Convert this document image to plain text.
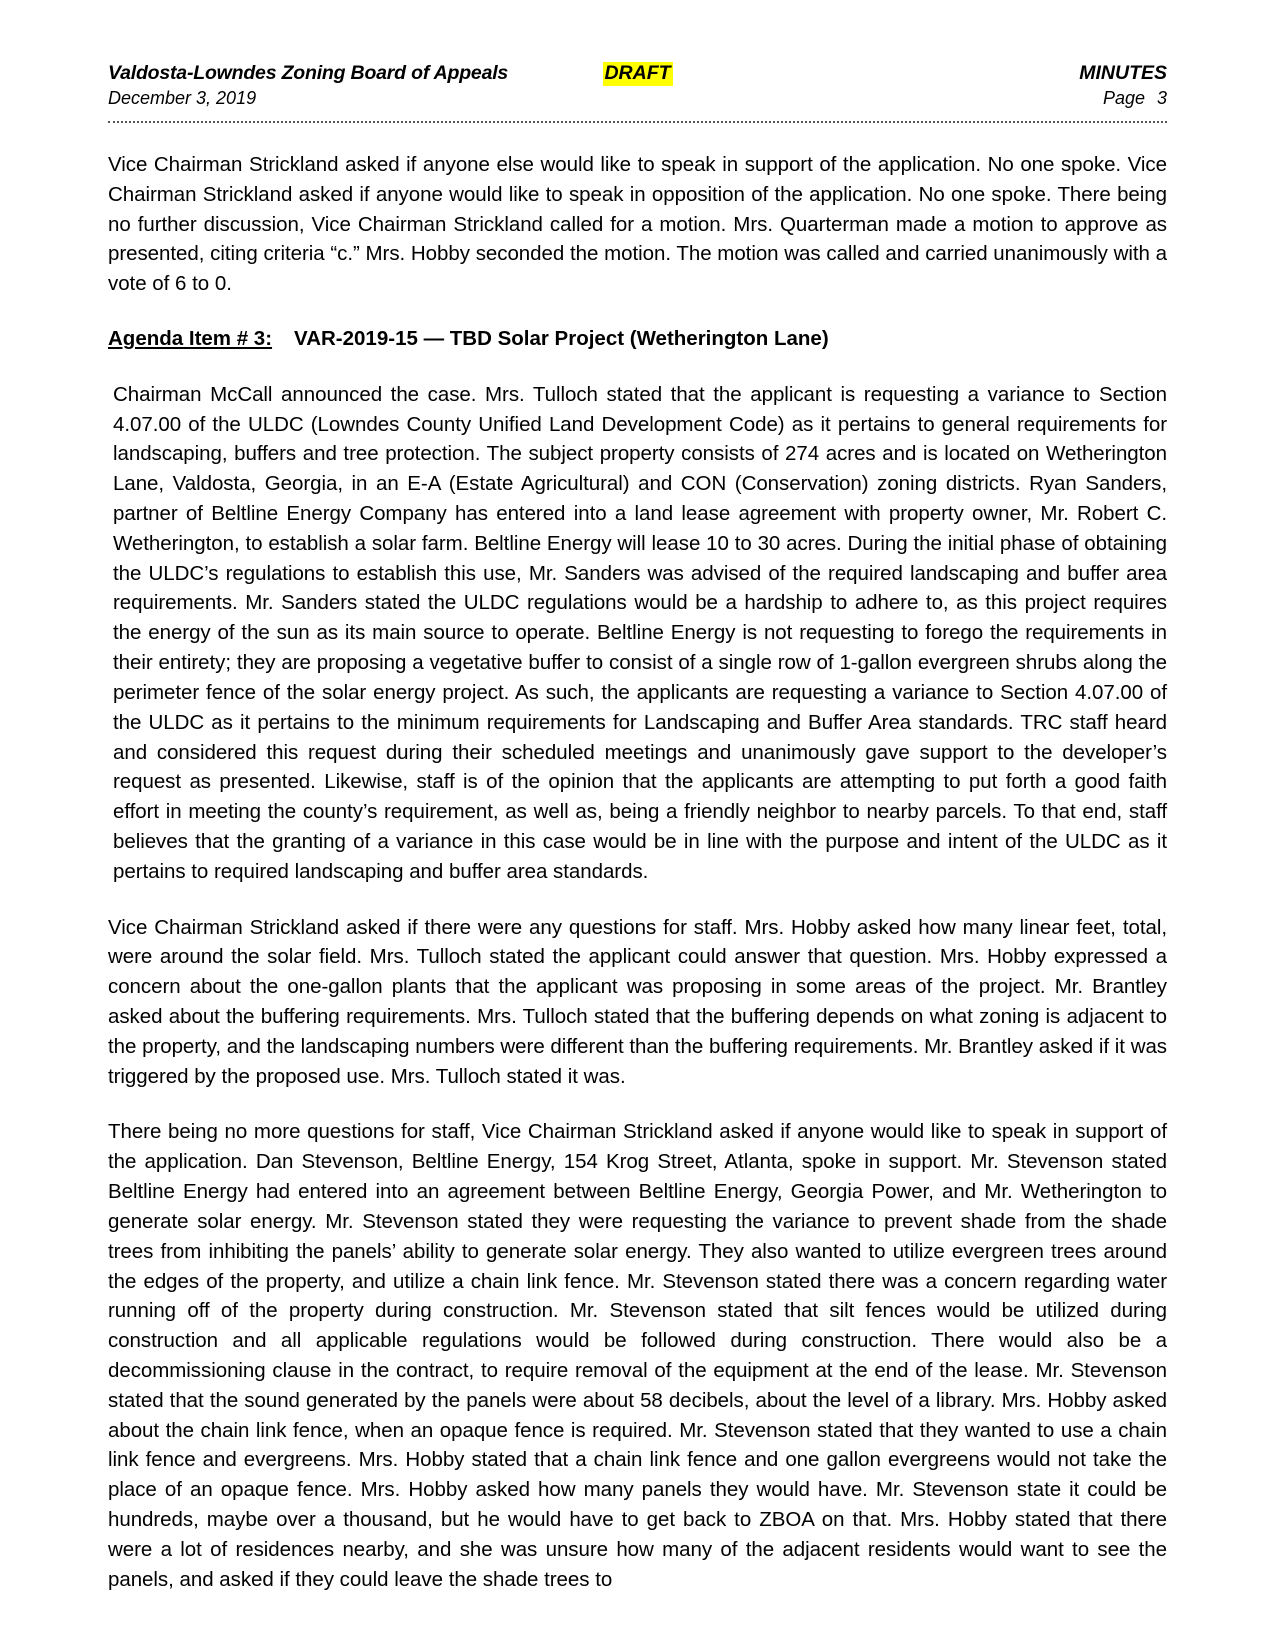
Valdosta-Lowndes Zoning Board of Appeals	DRAFT	MINUTES
December 3, 2019	Page 3

Vice Chairman Strickland asked if anyone else would like to speak in support of the application. No one spoke. Vice Chairman Strickland asked if anyone would like to speak in opposition of the application. No one spoke. There being no further discussion, Vice Chairman Strickland called for a motion. Mrs. Quarterman made a motion to approve as presented, citing criteria “c.” Mrs. Hobby seconded the motion. The motion was called and carried unanimously with a vote of 6 to 0.

Agenda Item # 3: VAR-2019-15 — TBD Solar Project (Wetherington Lane)

Chairman McCall announced the case. Mrs. Tulloch stated that the applicant is requesting a variance to Section 4.07.00 of the ULDC (Lowndes County Unified Land Development Code) as it pertains to general requirements for landscaping, buffers and tree protection. The subject property consists of 274 acres and is located on Wetherington Lane, Valdosta, Georgia, in an E-A (Estate Agricultural) and CON (Conservation) zoning districts. Ryan Sanders, partner of Beltline Energy Company has entered into a land lease agreement with property owner, Mr. Robert C. Wetherington, to establish a solar farm. Beltline Energy will lease 10 to 30 acres. During the initial phase of obtaining the ULDC’s regulations to establish this use, Mr. Sanders was advised of the required landscaping and buffer area requirements. Mr. Sanders stated the ULDC regulations would be a hardship to adhere to, as this project requires the energy of the sun as its main source to operate. Beltline Energy is not requesting to forego the requirements in their entirety; they are proposing a vegetative buffer to consist of a single row of 1-gallon evergreen shrubs along the perimeter fence of the solar energy project. As such, the applicants are requesting a variance to Section 4.07.00 of the ULDC as it pertains to the minimum requirements for Landscaping and Buffer Area standards. TRC staff heard and considered this request during their scheduled meetings and unanimously gave support to the developer’s request as presented. Likewise, staff is of the opinion that the applicants are attempting to put forth a good faith effort in meeting the county’s requirement, as well as, being a friendly neighbor to nearby parcels. To that end, staff believes that the granting of a variance in this case would be in line with the purpose and intent of the ULDC as it pertains to required landscaping and buffer area standards.

Vice Chairman Strickland asked if there were any questions for staff. Mrs. Hobby asked how many linear feet, total, were around the solar field. Mrs. Tulloch stated the applicant could answer that question. Mrs. Hobby expressed a concern about the one-gallon plants that the applicant was proposing in some areas of the project. Mr. Brantley asked about the buffering requirements. Mrs. Tulloch stated that the buffering depends on what zoning is adjacent to the property, and the landscaping numbers were different than the buffering requirements. Mr. Brantley asked if it was triggered by the proposed use. Mrs. Tulloch stated it was.

There being no more questions for staff, Vice Chairman Strickland asked if anyone would like to speak in support of the application. Dan Stevenson, Beltline Energy, 154 Krog Street, Atlanta, spoke in support. Mr. Stevenson stated Beltline Energy had entered into an agreement between Beltline Energy, Georgia Power, and Mr. Wetherington to generate solar energy. Mr. Stevenson stated they were requesting the variance to prevent shade from the shade trees from inhibiting the panels’ ability to generate solar energy. They also wanted to utilize evergreen trees around the edges of the property, and utilize a chain link fence. Mr. Stevenson stated there was a concern regarding water running off of the property during construction. Mr. Stevenson stated that silt fences would be utilized during construction and all applicable regulations would be followed during construction. There would also be a decommissioning clause in the contract, to require removal of the equipment at the end of the lease. Mr. Stevenson stated that the sound generated by the panels were about 58 decibels, about the level of a library. Mrs. Hobby asked about the chain link fence, when an opaque fence is required. Mr. Stevenson stated that they wanted to use a chain link fence and evergreens. Mrs. Hobby stated that a chain link fence and one gallon evergreens would not take the place of an opaque fence. Mrs. Hobby asked how many panels they would have. Mr. Stevenson state it could be hundreds, maybe over a thousand, but he would have to get back to ZBOA on that. Mrs. Hobby stated that there were a lot of residences nearby, and she was unsure how many of the adjacent residents would want to see the panels, and asked if they could leave the shade trees to
